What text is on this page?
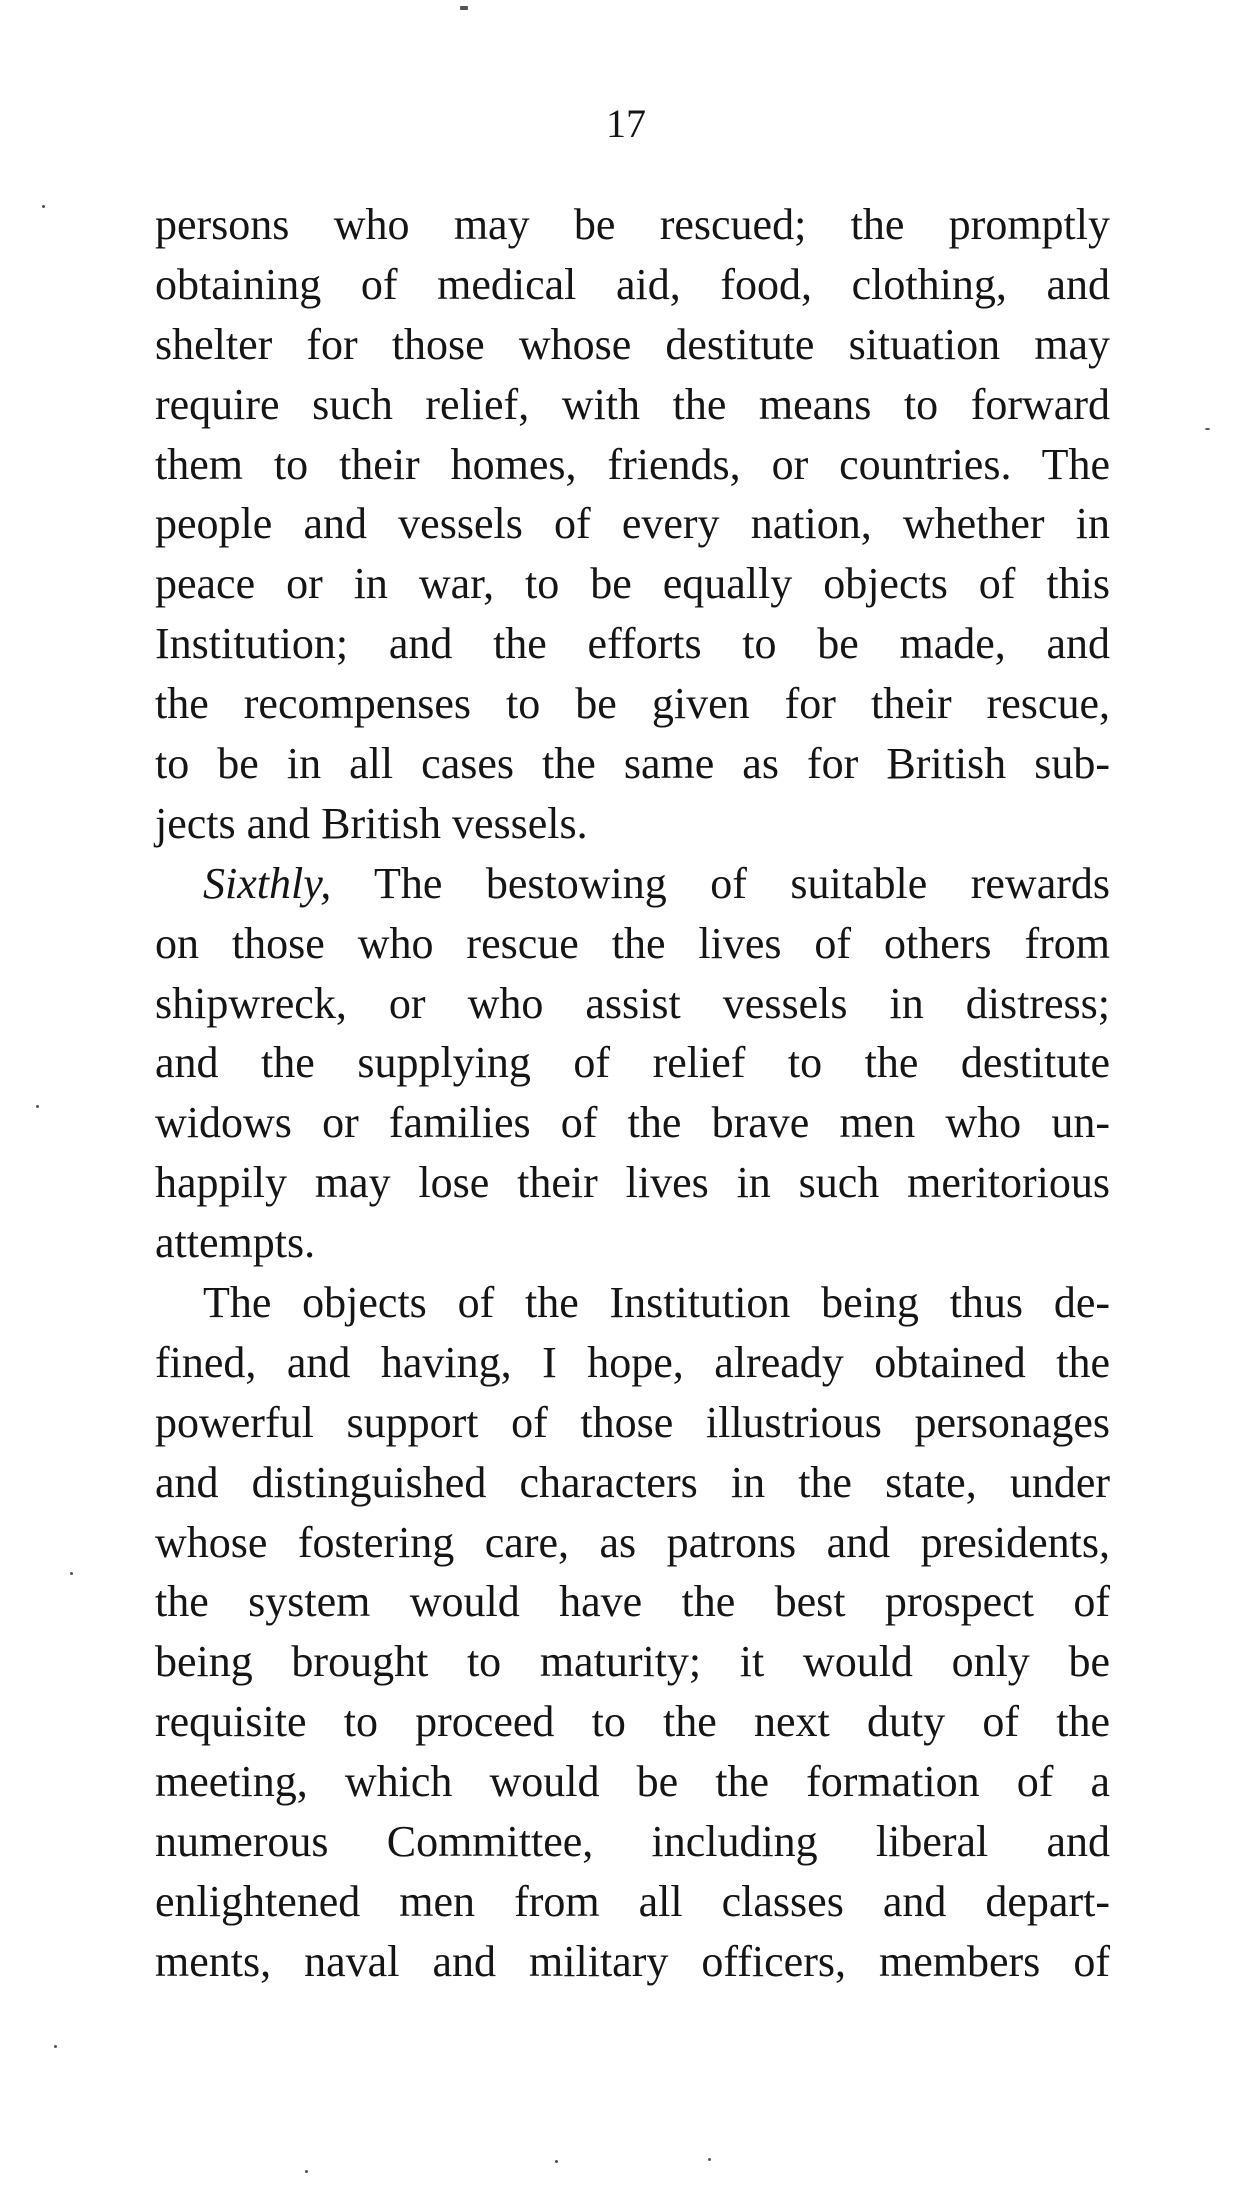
17
persons who may be rescued; the promptly
obtaining of medical aid, food, clothing, and
shelter for those whose destitute situation may
require such relief, with the means to forward
them to their homes, friends, or countries. The
people and vessels of every nation, whether in
peace or in war, to be equally objects of this
Institution; and the efforts to be made, and
the recompenses to be given for their rescue,
to be in all cases the same as for British sub-
jects and British vessels.
Sixthly, The bestowing of suitable rewards
on those who rescue the lives of others from
shipwreck, or who assist vessels in distress;
and the supplying of relief to the destitute
widows or families of the brave men who un-
happily may lose their lives in such meritorious
attempts.
The objects of the Institution being thus de-
fined, and having, I hope, already obtained the
powerful support of those illustrious personages
and distinguished characters in the state, under
whose fostering care, as patrons and presidents,
the system would have the best prospect of
being brought to maturity; it would only be
requisite to proceed to the next duty of the
meeting, which would be the formation of a
numerous Committee, including liberal and
enlightened men from all classes and depart-
ments, naval and military officers, members of
